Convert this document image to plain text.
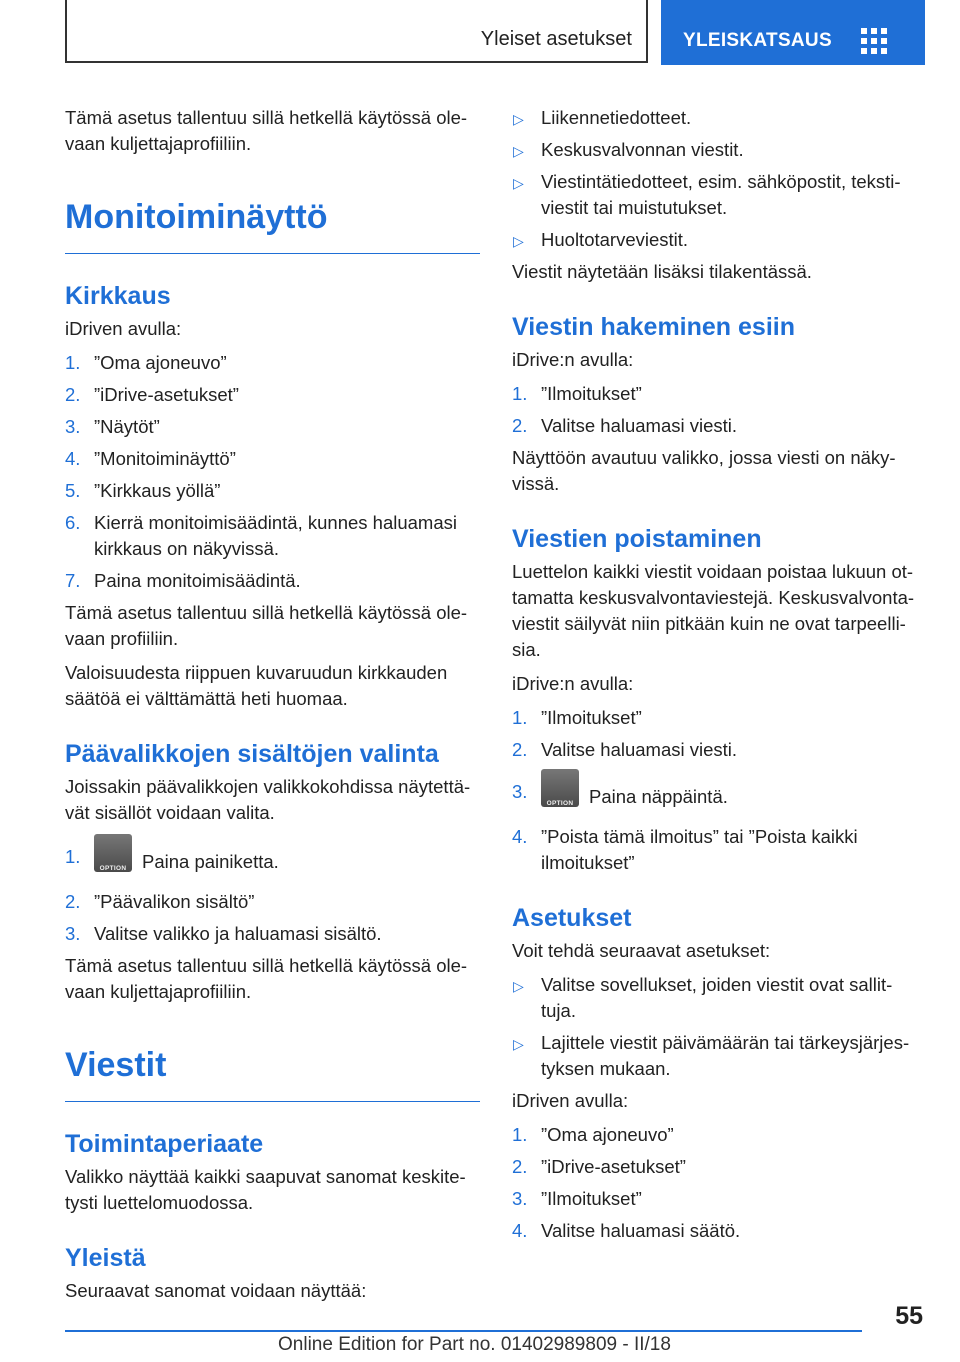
Yleiset asetukset	YLEISKATSAUS

Tämä asetus tallentuu sillä hetkellä käytössä ole-vaan kuljettajaprofiiliin.

Monitoiminäyttö
Kirkkaus

iDriven avulla:

1. ”Oma ajoneuvo”
2. ”iDrive-asetukset”
3. ”Näytöt”
4. ”Monitoiminäyttö”
5. ”Kirkkaus yöllä”
6. Kierrä monitoimisäädintä, kunnes haluamasi kirkkaus on näkyvissä.
7. Paina monitoimisäädintä.

Tämä asetus tallentuu sillä hetkellä käytössä ole-vaan profiiliin.

Valoisuudesta riippuen kuvaruudun kirkkauden säätöä ei välttämättä heti huomaa.

Päävalikkojen sisältöjen valinta

Joissakin päävalikkojen valikkokohdissa näytettä-vät sisällöt voidaan valita.

1.
OPTION Paina painiketta.
2. ”Päävalikon sisältö”
3. Valitse valikko ja haluamasi sisältö.

Tämä asetus tallentuu sillä hetkellä käytössä ole-vaan kuljettajaprofiiliin.

Viestit
Toimintaperiaate

Valikko näyttää kaikki saapuvat sanomat keskite-tysti luettelomuodossa.

Yleistä

Seuraavat sanomat voidaan näyttää:

▷ Liikennetiedotteet.
▷ Keskusvalvonnan viestit.
▷ Viestintätiedotteet, esim. sähköpostit, teksti-viestit tai muistutukset.
▷ Huoltotarveviestit.

Viestit näytetään lisäksi tilakentässä.

Viestin hakeminen esiin

iDrive:n avulla:

1. ”Ilmoitukset”
2. Valitse haluamasi viesti.

Näyttöön avautuu valikko, jossa viesti on näky-vissä.

Viestien poistaminen

Luettelon kaikki viestit voidaan poistaa lukuun ot-tamatta keskusvalvontaviestejä. Keskusvalvonta-viestit säilyvät niin pitkään kuin ne ovat tarpeelli-sia.

iDrive:n avulla:

1. ”Ilmoitukset”
2. Valitse haluamasi viesti.
3.
OPTION Paina näppäintä.
4. ”Poista tämä ilmoitus” tai ”Poista kaikki ilmoitukset”
Asetukset

Voit tehdä seuraavat asetukset:

▷ Valitse sovellukset, joiden viestit ovat sallit-tuja.
▷ Lajittele viestit päivämäärän tai tärkeysjärjes-tyksen mukaan.

iDriven avulla:

1. ”Oma ajoneuvo”
2. ”iDrive-asetukset”
3. ”Ilmoitukset”
4. Valitse haluamasi säätö.
55
Online Edition for Part no. 01402989809 - II/18
